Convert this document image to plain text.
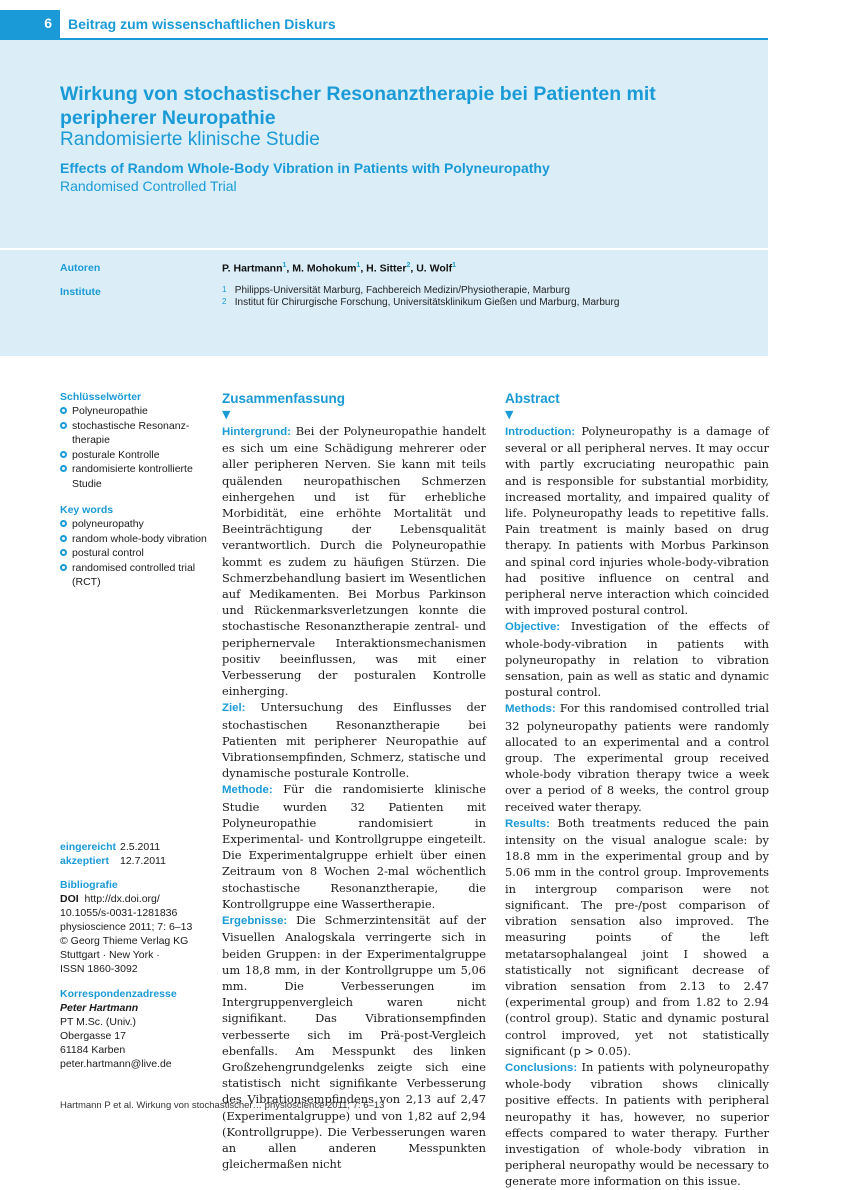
6	Beitrag zum wissenschaftlichen Diskurs
Wirkung von stochastischer Resonanztherapie bei Patienten mit peripherer Neuropathie
Randomisierte klinische Studie
Effects of Random Whole-Body Vibration in Patients with Polyneuropathy
Randomised Controlled Trial
Autoren	P. Hartmann$^1$, M. Mohokum$^1$, H. Sitter$^2$, U. Wolf$^1$
Institute	1 Philipps-Universität Marburg, Fachbereich Medizin/Physiotherapie, Marburg
2 Institut für Chirurgische Forschung, Universitätsklinikum Gießen und Marburg, Marburg
Schlüsselwörter
Polyneuropathie
stochastische Resonanz-therapie
posturale Kontrolle
randomisierte kontrollierte Studie
Key words
polyneuropathy
random whole-body vibration
postural control
randomised controlled trial (RCT)
eingereicht 2.5.2011
akzeptiert 12.7.2011
Bibliografie
DOI http://dx.doi.org/
10.1055/s-0031-1281836
physioscience 2011; 7: 6–13
© Georg Thieme Verlag KG
Stuttgart · New York ·
ISSN 1860-3092
Korrespondenzadresse
Peter Hartmann
PT M.Sc. (Univ.)
Obergasse 17
61184 Karben
peter.hartmann@live.de
Zusammenfassung
▼

Hintergrund: Bei der Polyneuropathie handelt es sich um eine Schädigung mehrerer oder aller peripheren Nerven. Sie kann mit teils quälenden neuropathischen Schmerzen einhergehen und ist für erhebliche Morbidität, eine erhöhte Mortalität und Beeinträchtigung der Lebensqualität verantwortlich. Durch die Polyneuropathie kommt es zudem zu häufigen Stürzen. Die Schmerzbehandlung basiert im Wesentlichen auf Medikamenten. Bei Morbus Parkinson und Rückenmarksverletzungen konnte die stochastische Resonanztherapie zentral- und periphernervale Interaktionsmechanismen positiv beeinflussen, was mit einer Verbesserung der posturalen Kontrolle einherging.

Ziel: Untersuchung des Einflusses der stochastischen Resonanztherapie bei Patienten mit peripherer Neuropathie auf Vibrationsempfinden, Schmerz, statische und dynamische posturale Kontrolle.

Methode: Für die randomisierte klinische Studie wurden 32 Patienten mit Polyneuropathie randomisiert in Experimental- und Kontrollgruppe eingeteilt. Die Experimentalgruppe erhielt über einen Zeitraum von 8 Wochen 2-mal wöchentlich stochastische Resonanztherapie, die Kontrollgruppe eine Wassertherapie.

Ergebnisse: Die Schmerzintensität auf der Visuellen Analogskala verringerte sich in beiden Gruppen: in der Experimentalgruppe um 18,8 mm, in der Kontrollgruppe um 5,06 mm. Die Verbesserungen im Intergruppenvergleich waren nicht signifikant. Das Vibrationsempfinden verbesserte sich im Prä-post-Vergleich ebenfalls. Am Messpunkt des linken Großzehengrundgelenks zeigte sich eine statistisch nicht signifikante Verbesserung des Vibrationsempfindens von 2,13 auf 2,47 (Experimentalgruppe) und von 1,82 auf 2,94 (Kontrollgruppe). Die Verbesserungen waren an allen anderen Messpunkten gleichermaßen nicht

Abstract
▼

Introduction: Polyneuropathy is a damage of several or all peripheral nerves. It may occur with partly excruciating neuropathic pain and is responsible for substantial morbidity, increased mortality, and impaired quality of life. Polyneuropathy leads to repetitive falls. Pain treatment is mainly based on drug therapy. In patients with Morbus Parkinson and spinal cord injuries whole-body-vibration had positive influence on central and peripheral nerve interaction which coincided with improved postural control.

Objective: Investigation of the effects of whole-body-vibration in patients with polyneuropathy in relation to vibration sensation, pain as well as static and dynamic postural control.

Methods: For this randomised controlled trial 32 polyneuropathy patients were randomly allocated to an experimental and a control group. The experimental group received whole-body vibration therapy twice a week over a period of 8 weeks, the control group received water therapy.

Results: Both treatments reduced the pain intensity on the visual analogue scale: by 18.8 mm in the experimental group and by 5.06 mm in the control group. Improvements in intergroup comparison were not significant. The pre-/post comparison of vibration sensation also improved. The measuring points of the left metatarsophalangeal joint I showed a statistically not significant decrease of vibration sensation from 2.13 to 2.47 (experimental group) and from 1.82 to 2.94 (control group). Static and dynamic postural control improved, yet not statistically significant (p > 0.05).

Conclusions: In patients with polyneuropathy whole-body vibration shows clinically positive effects. In patients with peripheral neuropathy it has, however, no superior effects compared to water therapy. Further investigation of whole-body vibration in peripheral neuropathy would be necessary to generate more information on this issue.

Hartmann P et al. Wirkung von stochastischer… physioscience 2011; 7: 6–13
